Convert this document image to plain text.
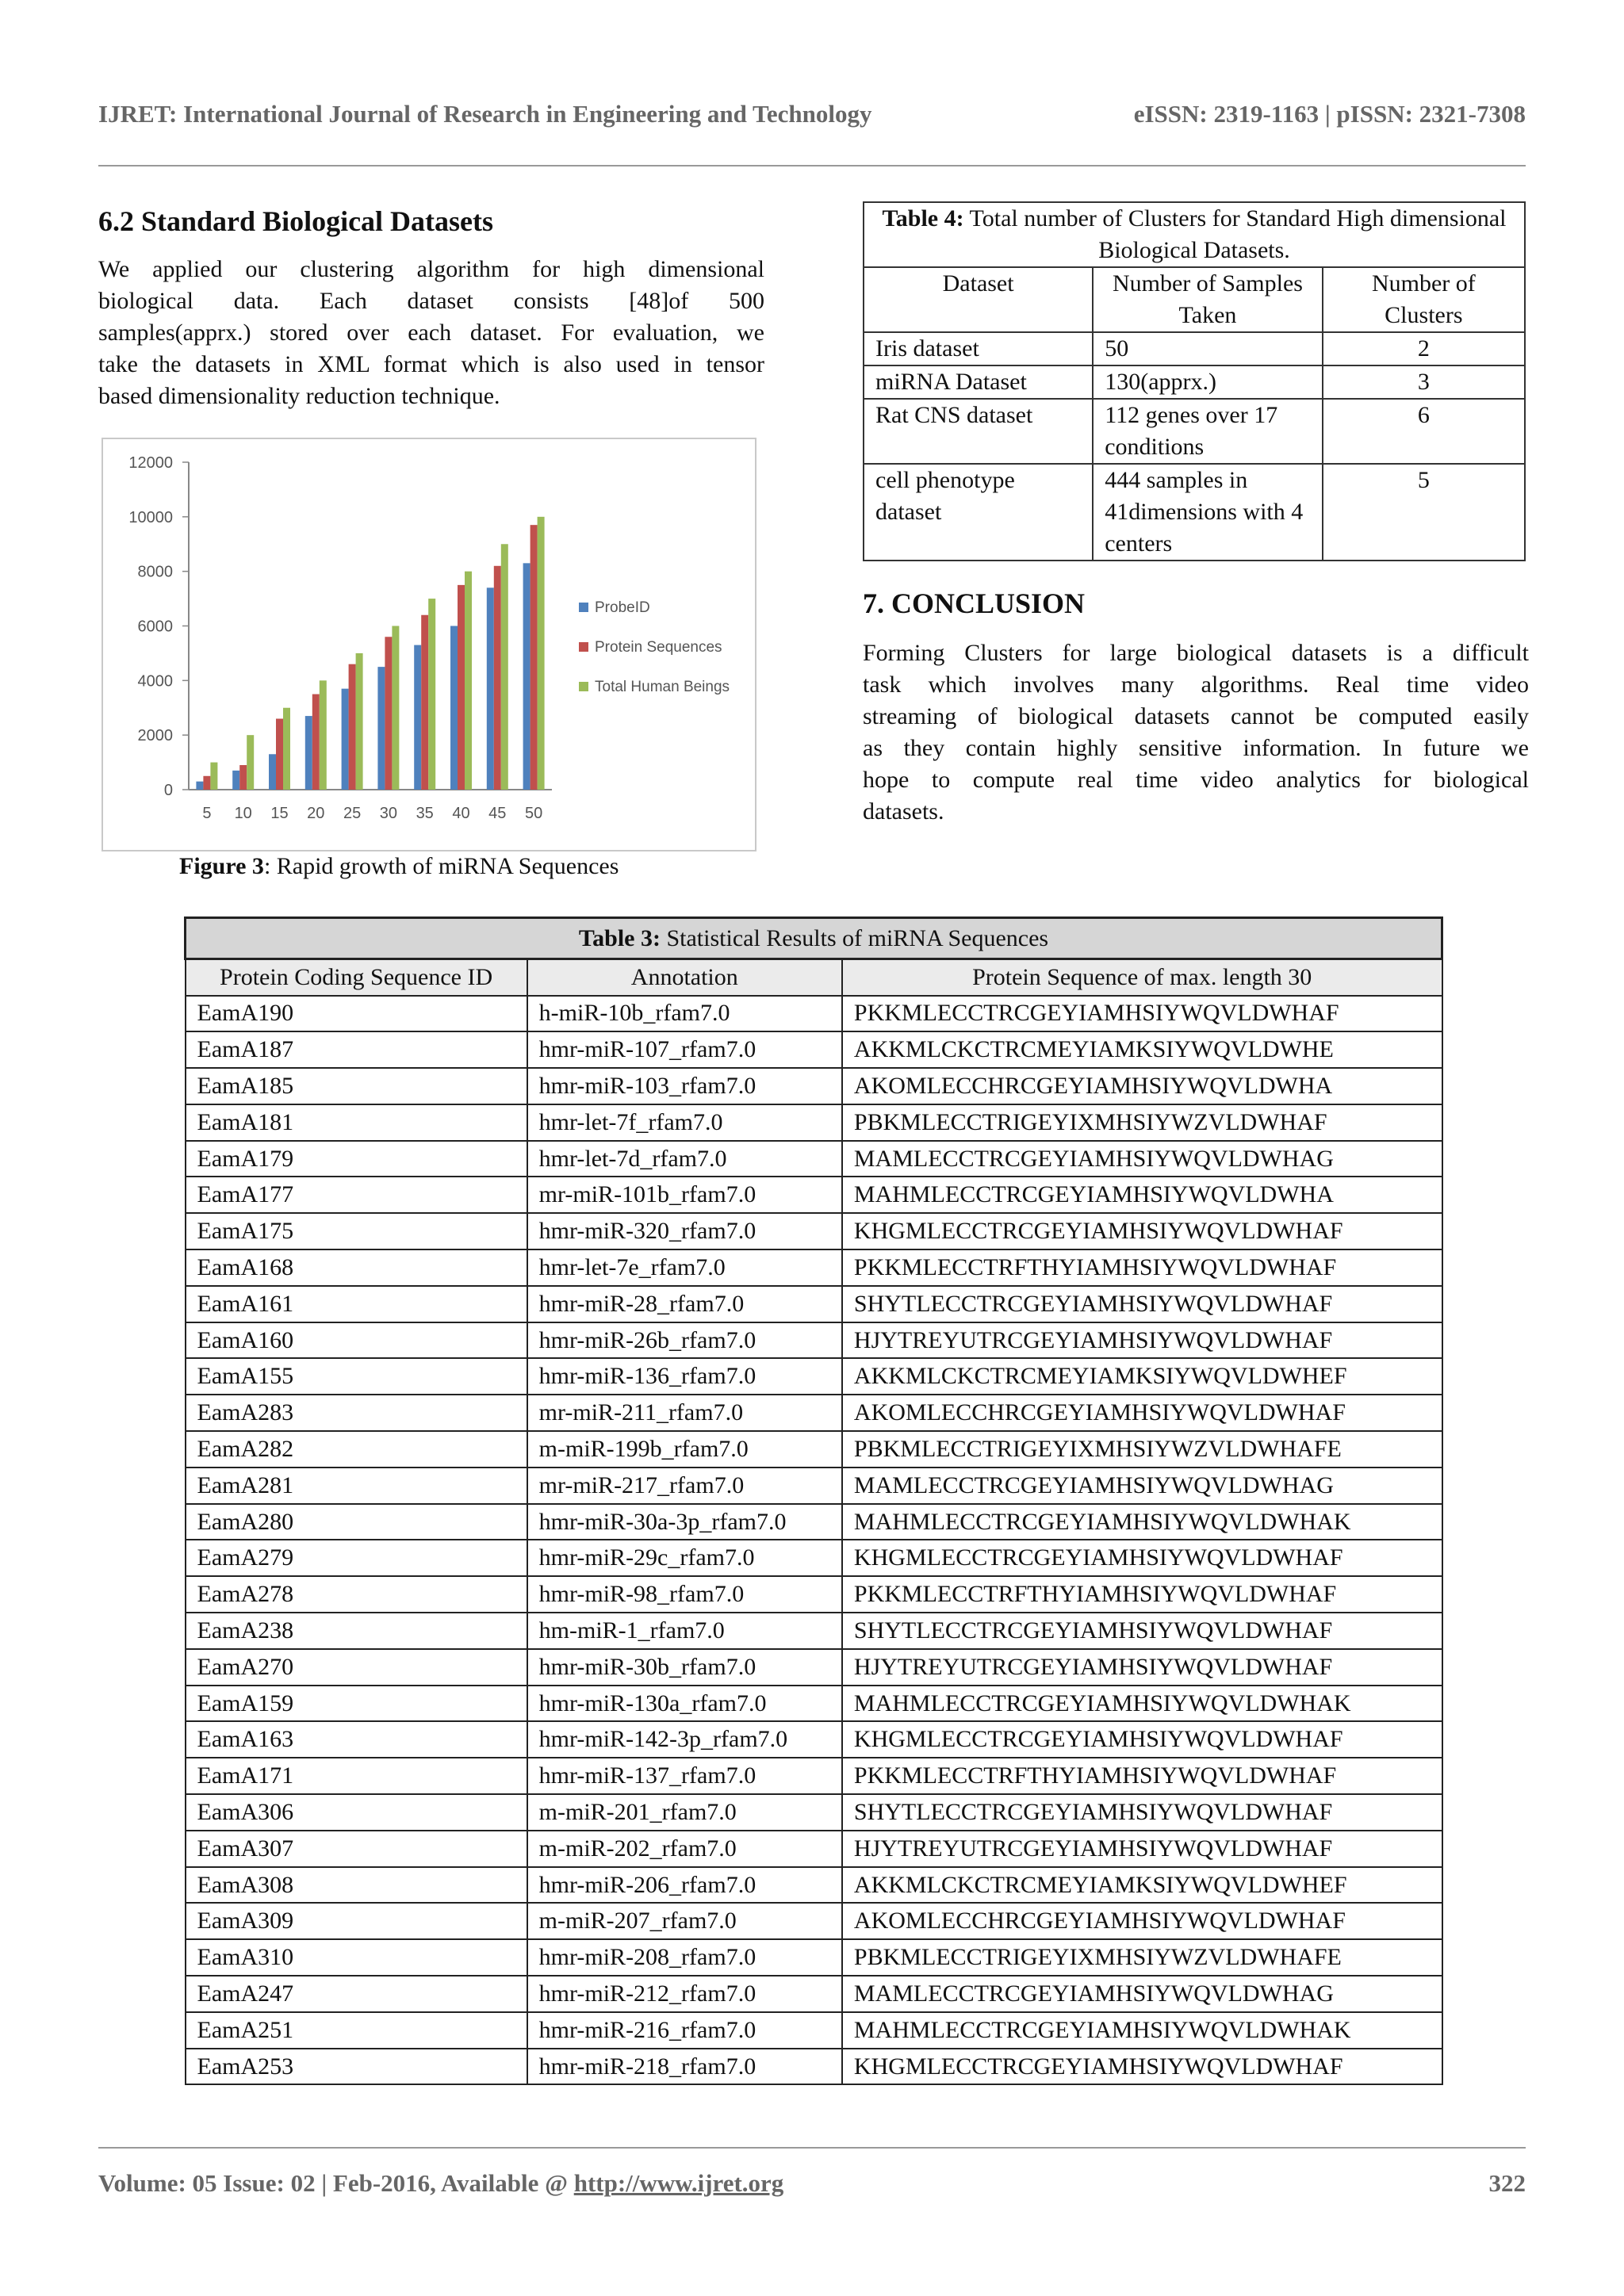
IJRET: International Journal of Research in Engineering and Technology	eISSN: 2319-1163 | pISSN: 2321-7308
6.2 Standard Biological Datasets
We applied our clustering algorithm for high dimensional
biological data. Each dataset consists [48]of 500
samples(apprx.) stored over each dataset. For evaluation, we
take the datasets in XML format which is also used in tensor
based dimensionality reduction technique.
0
2000
4000
6000
8000
10000
12000
5 10 15 20 25 30 35 40 45 50
ProbeID
Protein Sequences
Total Human Beings
Figure 3: Rapid growth of miRNA Sequences
Table 4: Total number of Clusters for Standard High dimensional Biological Datasets.		
Dataset	Number of Samples Taken	Number of Clusters
Iris dataset	50	2
miRNA Dataset	130(apprx.)	3
Rat CNS dataset	112 genes over 17 conditions	6
cell phenotype dataset	444 samples in 41dimensions with 4 centers	5
7. CONCLUSION
Forming Clusters for large biological datasets is a difficult
task which involves many algorithms. Real time video
streaming of biological datasets cannot be computed easily
as they contain highly sensitive information. In future we
hope to compute real time video analytics for biological
datasets.
Table 3: Statistical Results of miRNA Sequences		
Protein Coding Sequence ID	Annotation	Protein Sequence of max. length 30
EamA190	h-miR-10b_rfam7.0	PKKMLECCTRCGEYIAMHSIYWQVLDWHAF
EamA187	hmr-miR-107_rfam7.0	AKKMLCKCTRCMEYIAMKSIYWQVLDWHE
EamA185	hmr-miR-103_rfam7.0	AKOMLECCHRCGEYIAMHSIYWQVLDWHA
EamA181	hmr-let-7f_rfam7.0	PBKMLECCTRIGEYIXMHSIYWZVLDWHAF
EamA179	hmr-let-7d_rfam7.0	MAMLECCTRCGEYIAMHSIYWQVLDWHAG
EamA177	mr-miR-101b_rfam7.0	MAHMLECCTRCGEYIAMHSIYWQVLDWHA
EamA175	hmr-miR-320_rfam7.0	KHGMLECCTRCGEYIAMHSIYWQVLDWHAF
EamA168	hmr-let-7e_rfam7.0	PKKMLECCTRFTHYIAMHSIYWQVLDWHAF
EamA161	hmr-miR-28_rfam7.0	SHYTLECCTRCGEYIAMHSIYWQVLDWHAF
EamA160	hmr-miR-26b_rfam7.0	HJYTREYUTRCGEYIAMHSIYWQVLDWHAF
EamA155	hmr-miR-136_rfam7.0	AKKMLCKCTRCMEYIAMKSIYWQVLDWHEF
EamA283	mr-miR-211_rfam7.0	AKOMLECCHRCGEYIAMHSIYWQVLDWHAF
EamA282	m-miR-199b_rfam7.0	PBKMLECCTRIGEYIXMHSIYWZVLDWHAFE
EamA281	mr-miR-217_rfam7.0	MAMLECCTRCGEYIAMHSIYWQVLDWHAG
EamA280	hmr-miR-30a-3p_rfam7.0	MAHMLECCTRCGEYIAMHSIYWQVLDWHAK
EamA279	hmr-miR-29c_rfam7.0	KHGMLECCTRCGEYIAMHSIYWQVLDWHAF
EamA278	hmr-miR-98_rfam7.0	PKKMLECCTRFTHYIAMHSIYWQVLDWHAF
EamA238	hm-miR-1_rfam7.0	SHYTLECCTRCGEYIAMHSIYWQVLDWHAF
EamA270	hmr-miR-30b_rfam7.0	HJYTREYUTRCGEYIAMHSIYWQVLDWHAF
EamA159	hmr-miR-130a_rfam7.0	MAHMLECCTRCGEYIAMHSIYWQVLDWHAK
EamA163	hmr-miR-142-3p_rfam7.0	KHGMLECCTRCGEYIAMHSIYWQVLDWHAF
EamA171	hmr-miR-137_rfam7.0	PKKMLECCTRFTHYIAMHSIYWQVLDWHAF
EamA306	m-miR-201_rfam7.0	SHYTLECCTRCGEYIAMHSIYWQVLDWHAF
EamA307	m-miR-202_rfam7.0	HJYTREYUTRCGEYIAMHSIYWQVLDWHAF
EamA308	hmr-miR-206_rfam7.0	AKKMLCKCTRCMEYIAMKSIYWQVLDWHEF
EamA309	m-miR-207_rfam7.0	AKOMLECCHRCGEYIAMHSIYWQVLDWHAF
EamA310	hmr-miR-208_rfam7.0	PBKMLECCTRIGEYIXMHSIYWZVLDWHAFE
EamA247	hmr-miR-212_rfam7.0	MAMLECCTRCGEYIAMHSIYWQVLDWHAG
EamA251	hmr-miR-216_rfam7.0	MAHMLECCTRCGEYIAMHSIYWQVLDWHAK
EamA253	hmr-miR-218_rfam7.0	KHGMLECCTRCGEYIAMHSIYWQVLDWHAF
Volume: 05 Issue: 02 | Feb-2016, Available @ http://www.ijret.org	322
